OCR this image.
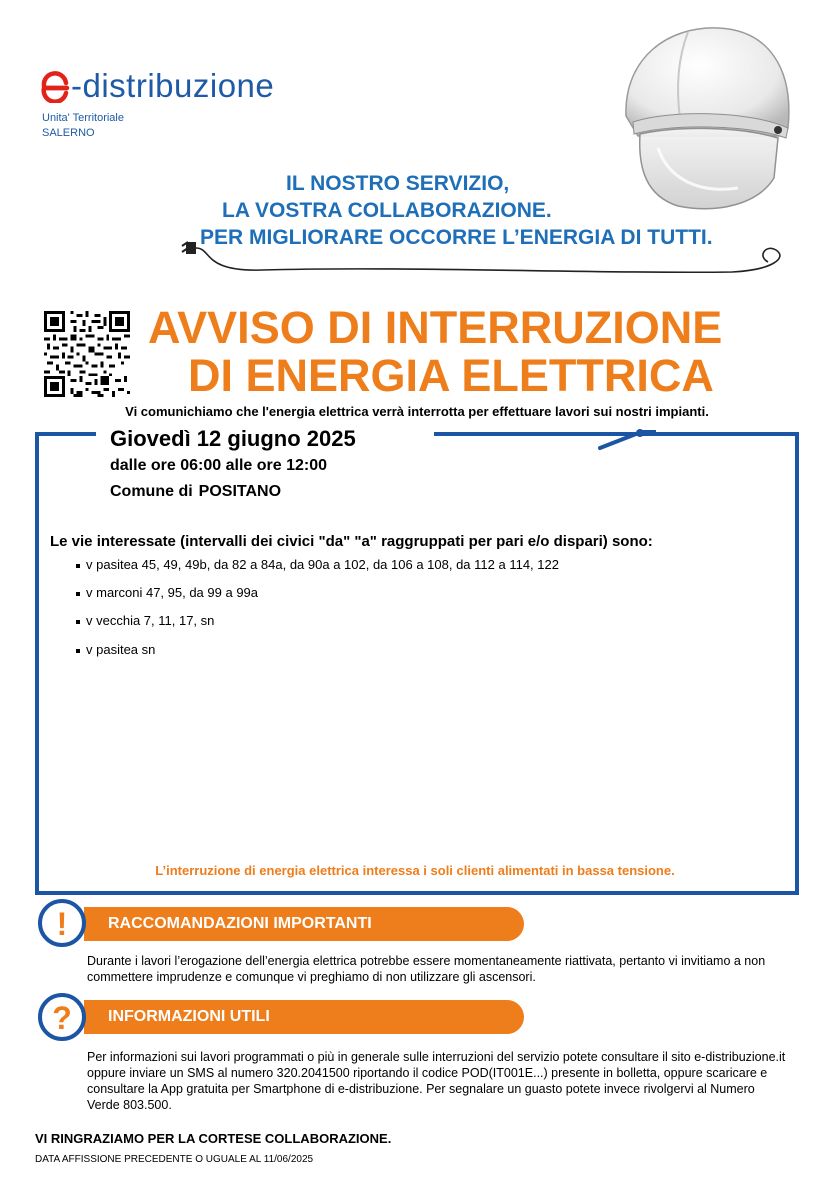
-distribuzione
Unita' Territoriale
SALERNO
IL NOSTRO SERVIZIO,
LA VOSTRA COLLABORAZIONE.
PER MIGLIORARE OCCORRE L’ENERGIA DI TUTTI.
AVVISO DI INTERRUZIONE
DI ENERGIA ELETTRICA
Vi comunichiamo che l'energia elettrica verrà interrotta per effettuare lavori sui nostri impianti.
Giovedì 12 giugno 2025
dalle ore 06:00 alle ore 12:00
Comune di POSITANO
Le vie interessate (intervalli dei civici "da" "a" raggruppati per pari e/o dispari) sono:
v pasitea 45, 49, 49b, da 82 a 84a, da 90a a 102, da 106 a 108, da 112 a 114, 122
v marconi 47, 95, da 99 a 99a
v vecchia 7, 11, 17, sn
v pasitea sn
L’interruzione di energia elettrica interessa i soli clienti alimentati in bassa tensione.
RACCOMANDAZIONI IMPORTANTI
!
Durante i lavori l’erogazione dell’energia elettrica potrebbe essere momentaneamente riattivata, pertanto vi invitiamo a non commettere imprudenze e comunque vi preghiamo di non utilizzare gli ascensori.
INFORMAZIONI UTILI
?
Per informazioni sui lavori programmati o più in generale sulle interruzioni del servizio potete consultare il sito e-distribuzione.it oppure inviare un SMS al numero 320.2041500 riportando il codice POD(IT001E...) presente in bolletta, oppure scaricare e consultare la App gratuita per Smartphone di e-distribuzione. Per segnalare un guasto potete invece rivolgervi al Numero Verde 803.500.
VI RINGRAZIAMO PER LA CORTESE COLLABORAZIONE.
DATA AFFISSIONE PRECEDENTE O UGUALE AL 11/06/2025
